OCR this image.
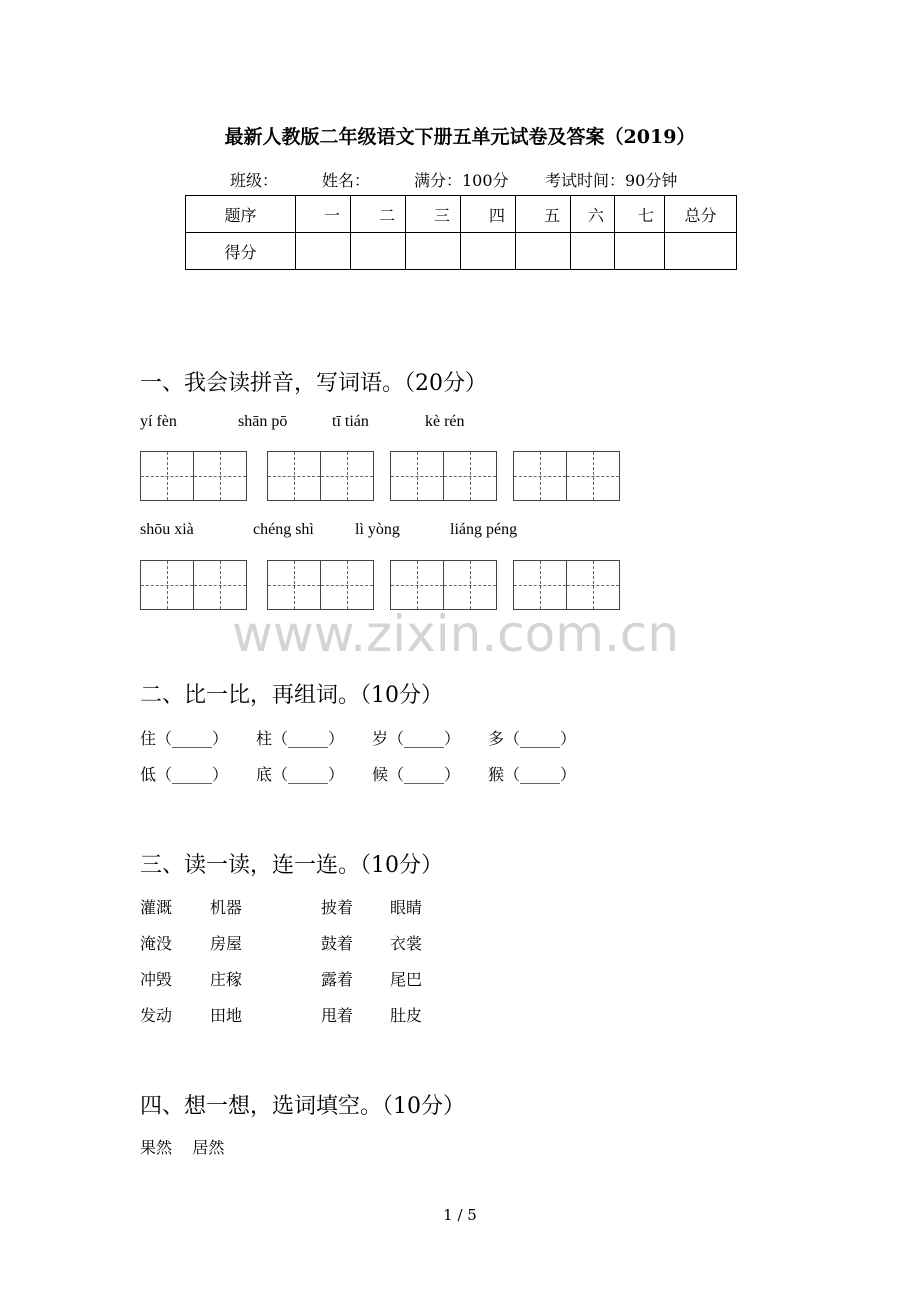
最新人教版二年级语文下册五单元试卷及答案（2019）
班级：	姓名：	满分：100分 考试时间：90分钟
题序	一	二	三	四	五	六	七	总分
得分								
一、我会读拼音，写词语。（20分）
yí fèn	shān pō	tī tián	kè rén
shōu xià	chéng shì	lì yòng	liáng péng
www.zixin.com.cn
二、比一比，再组词。（10分）
住（_____） 柱（_____） 岁（_____） 多（_____）
低（_____） 底（_____） 候（_____） 猴（_____）
三、读一读，连一连。（10分）
灌溉 机器	披着 眼睛
淹没 房屋	鼓着 衣裳
冲毁 庄稼	露着 尾巴
发动 田地	甩着 肚皮
四、想一想，选词填空。（10分）
果然    居然
1 / 5
